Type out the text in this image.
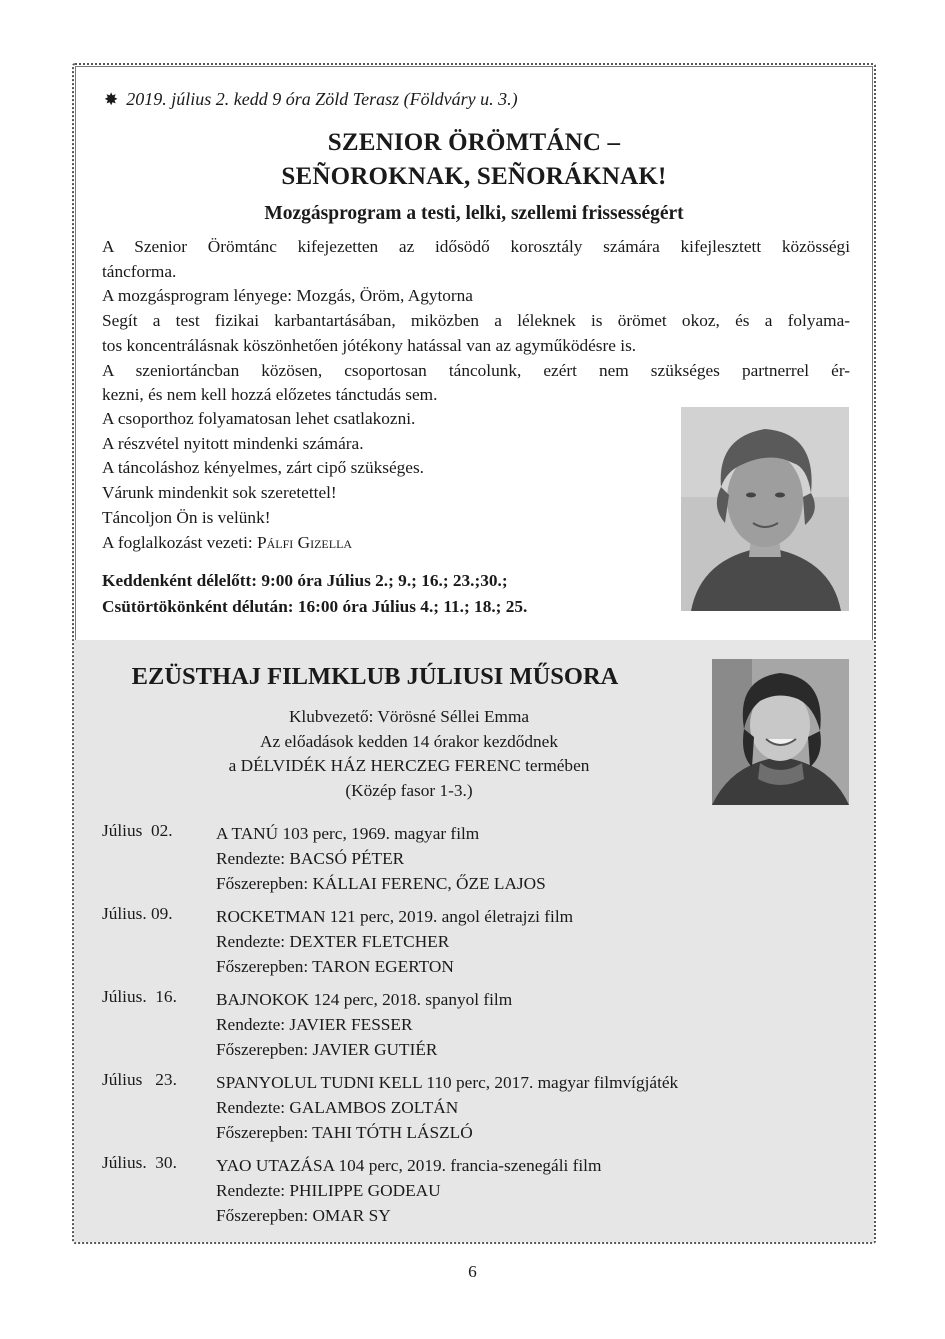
✸ 2019. július 2. kedd 9 óra Zöld Terasz (Földváry u. 3.)
SZENIOR ÖRÖMTÁNC –
SEÑOROKNAK, SEÑORÁKNAK!
Mozgásprogram a testi, lelki, szellemi frissességért
A Szenior Örömtánc kifejezetten az idősödő korosztály számára kifejlesztett közösségi
táncforma.
A mozgásprogram lényege: Mozgás, Öröm, Agytorna
Segít a test fizikai karbantartásában, miközben a léleknek is örömet okoz, és a folyama-
tos koncentrálásnak köszönhetően jótékony hatással van az agyműködésre is.
A szeniortáncban közösen, csoportosan táncolunk, ezért nem szükséges partnerrel ér-
kezni, és nem kell hozzá előzetes tánctudás sem.
A csoporthoz folyamatosan lehet csatlakozni.
A részvétel nyitott mindenki számára.
A táncoláshoz kényelmes, zárt cipő szükséges.
Várunk mindenkit sok szeretettel!
Táncoljon Ön is velünk!
A foglalkozást vezeti: Pálfi Gizella
Keddenként délelőtt: 9:00 óra Július 2.; 9.; 16.; 23.;30.;
Csütörtökönként délután: 16:00 óra Július 4.; 11.; 18.; 25.
EZÜSTHAJ FILMKLUB JÚLIUSI MŰSORA
Klubvezető: Vörösné Séllei Emma
Az előadások kedden 14 órakor kezdődnek
a DÉLVIDÉK HÁZ HERCZEG FERENC termében
(Közép fasor 1-3.)
Július  02.	A TANÚ 103 perc, 1969. magyar film
Rendezte: BACSÓ PÉTER
Főszerepben: KÁLLAI FERENC, ŐZE LAJOS
Július. 09.	ROCKETMAN 121 perc, 2019. angol életrajzi film
Rendezte: DEXTER FLETCHER
Főszerepben: TARON EGERTON
Július.  16. BAJNOKOK 124 perc, 2018. spanyol film
Rendezte: JAVIER FESSER
Főszerepben: JAVIER GUTIÉR
Július   23. SPANYOLUL TUDNI KELL 110 perc, 2017. magyar filmvígjáték
Rendezte: GALAMBOS ZOLTÁN
Főszerepben: TAHI TÓTH LÁSZLÓ
Július.  30. YAO UTAZÁSA 104 perc, 2019. francia-szenegáli film
Rendezte: PHILIPPE GODEAU
Főszerepben: OMAR SY
6
